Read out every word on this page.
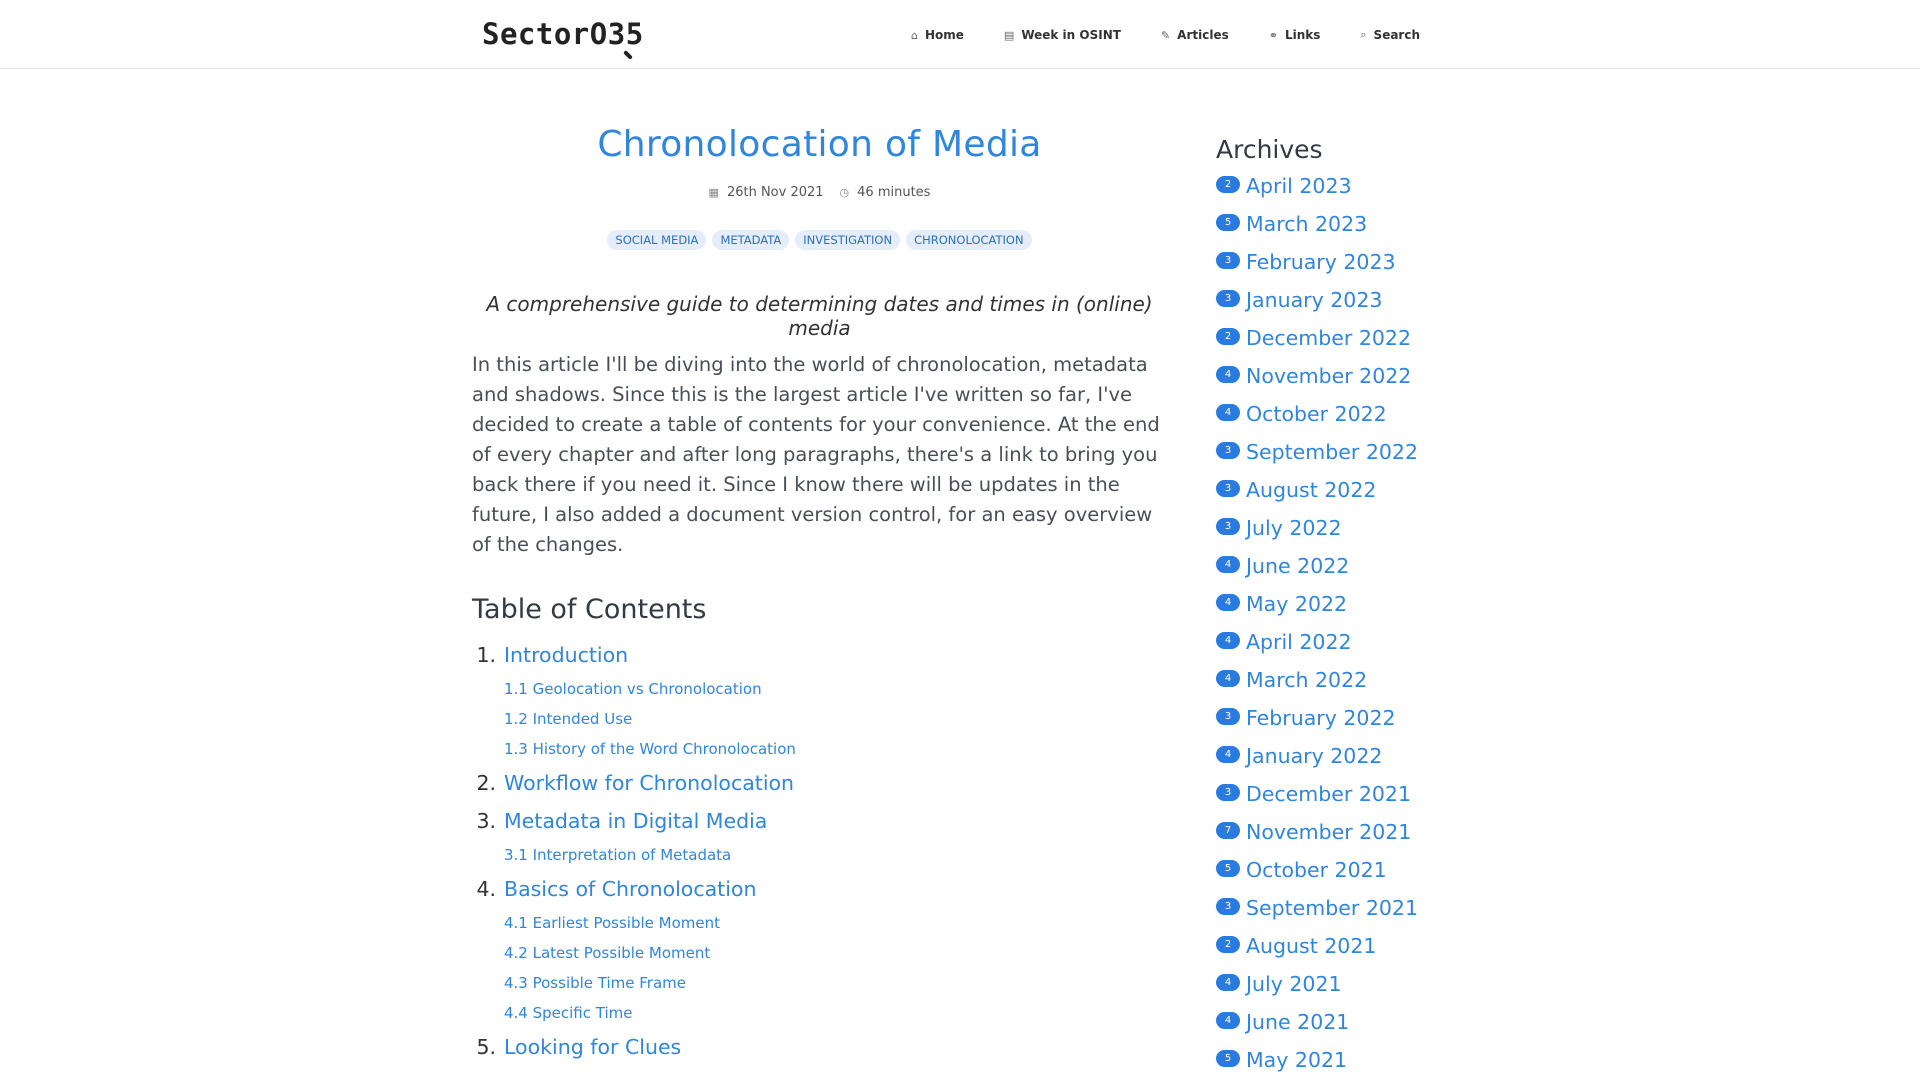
SectorO 3 5	⌂ Home	▤ Week in OSINT	✎ Articles	⚭ Links	⌕ Search
Chronolocation of Media
▦ 26th Nov 2021 ◷ 46 minutes
SOCIAL MEDIA	METADATA	INVESTIGATION	CHRONOLOCATION

A comprehensive guide to determining dates and times in (online) media

In this article I'll be diving into the world of chronolocation, metadata and shadows. Since this is the largest article I've written so far, I've decided to create a table of contents for your convenience. At the end of every chapter and after long paragraphs, there's a link to bring you back there if you need it. Since I know there will be updates in the future, I also added a document version control, for an easy overview of the changes.

Table of Contents
1. Introduction
1.1 Geolocation vs Chronolocation
1.2 Intended Use
1.3 History of the Word Chronolocation
2. Workflow for Chronolocation
3. Metadata in Digital Media
3.1 Interpretation of Metadata
4. Basics of Chronolocation
4.1 Earliest Possible Moment
4.2 Latest Possible Moment
4.3 Possible Time Frame
4.4 Specific Time
5. Looking for Clues
Archives
2 April 2023
5 March 2023
3 February 2023
3 January 2023
2 December 2022
4 November 2022
4 October 2022
3 September 2022
3 August 2022
3 July 2022
4 June 2022
4 May 2022
4 April 2022
4 March 2022
3 February 2022
4 January 2022
3 December 2021
7 November 2021
5 October 2021
3 September 2021
2 August 2021
4 July 2021
4 June 2021
5 May 2021
